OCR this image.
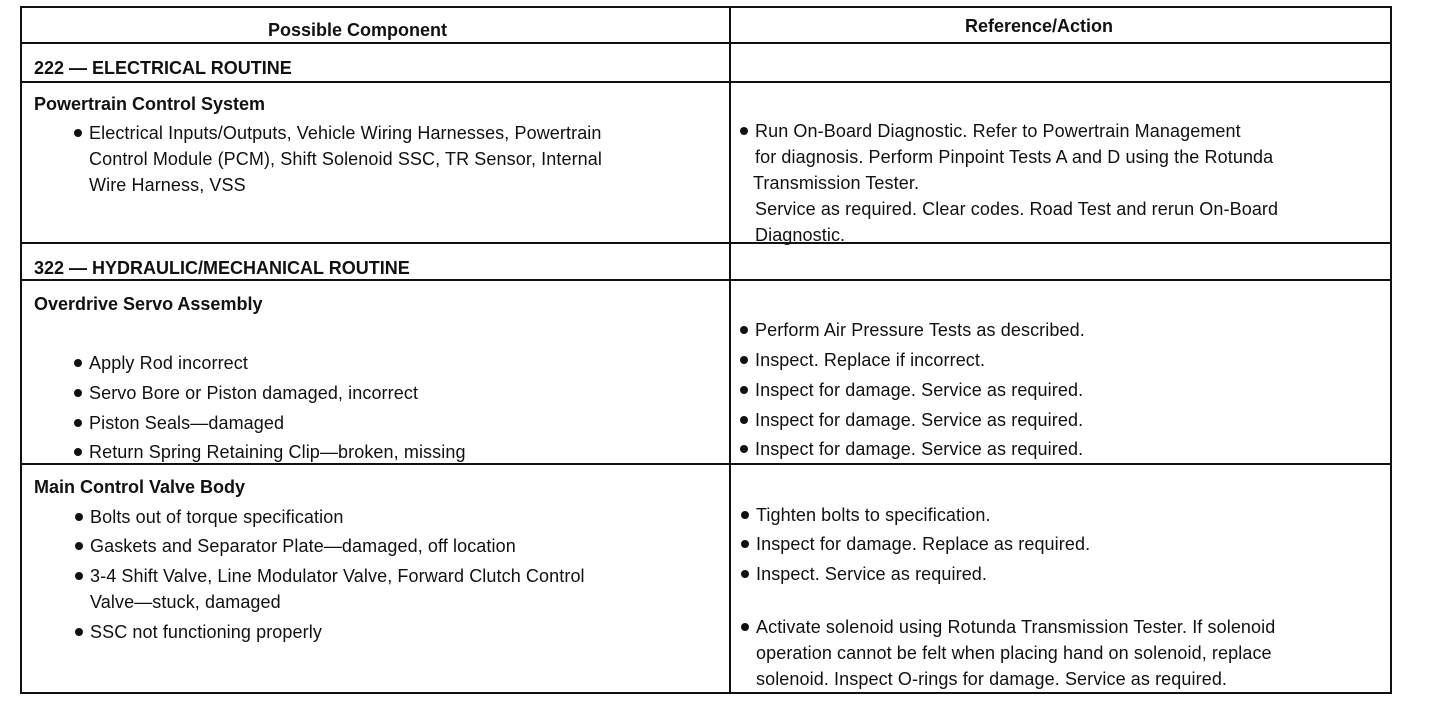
Possible Component	Reference/Action
222 — ELECTRICAL ROUTINE
Powertrain Control System
Electrical Inputs/Outputs, Vehicle Wiring Harnesses, Powertrain
Control Module (PCM), Shift Solenoid SSC, TR Sensor, Internal
Wire Harness, VSS
Run On-Board Diagnostic. Refer to Powertrain Management
for diagnosis. Perform Pinpoint Tests A and D using the Rotunda
Transmission Tester.
Service as required. Clear codes. Road Test and rerun On-Board
Diagnostic.
322 — HYDRAULIC/MECHANICAL ROUTINE
Overdrive Servo Assembly
Apply Rod incorrect
Servo Bore or Piston damaged, incorrect
Piston Seals—damaged
Return Spring Retaining Clip—broken, missing
Perform Air Pressure Tests as described.
Inspect. Replace if incorrect.
Inspect for damage. Service as required.
Inspect for damage. Service as required.
Inspect for damage. Service as required.
Main Control Valve Body
Bolts out of torque specification
Gaskets and Separator Plate—damaged, off location
3-4 Shift Valve, Line Modulator Valve, Forward Clutch Control
Valve—stuck, damaged
SSC not functioning properly
Tighten bolts to specification.
Inspect for damage. Replace as required.
Inspect. Service as required.
Activate solenoid using Rotunda Transmission Tester. If solenoid
operation cannot be felt when placing hand on solenoid, replace
solenoid. Inspect O-rings for damage. Service as required.
